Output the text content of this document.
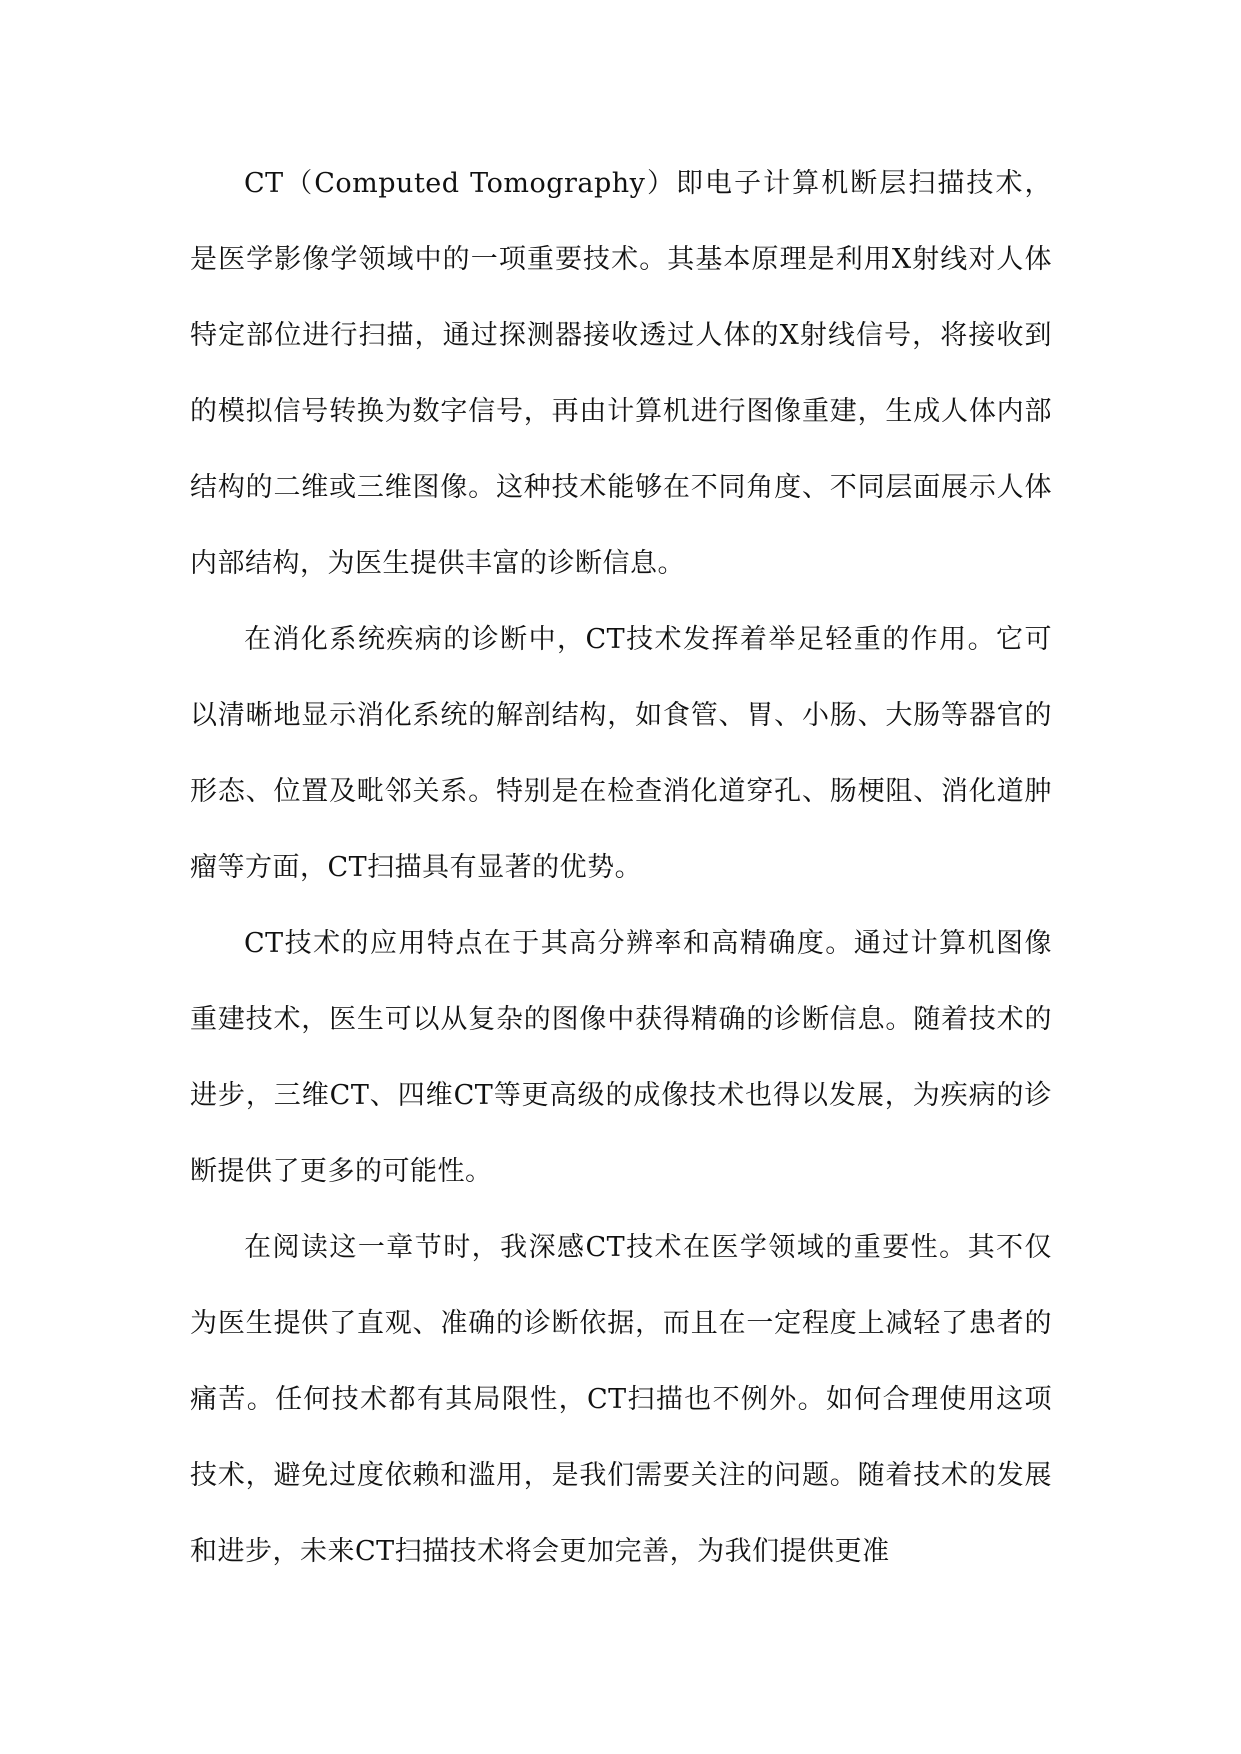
CT（Computed Tomography）即电子计算机断层扫描技术，是医学影像学领域中的一项重要技术。其基本原理是利用X射线对人体特定部位进行扫描，通过探测器接收透过人体的X射线信号，将接收到的模拟信号转换为数字信号，再由计算机进行图像重建，生成人体内部结构的二维或三维图像。这种技术能够在不同角度、不同层面展示人体内部结构，为医生提供丰富的诊断信息。

在消化系统疾病的诊断中，CT技术发挥着举足轻重的作用。它可以清晰地显示消化系统的解剖结构，如食管、胃、小肠、大肠等器官的形态、位置及毗邻关系。特别是在检查消化道穿孔、肠梗阻、消化道肿瘤等方面，CT扫描具有显著的优势。

CT技术的应用特点在于其高分辨率和高精确度。通过计算机图像重建技术，医生可以从复杂的图像中获得精确的诊断信息。随着技术的进步，三维CT、四维CT等更高级的成像技术也得以发展，为疾病的诊断提供了更多的可能性。

在阅读这一章节时，我深感CT技术在医学领域的重要性。其不仅为医生提供了直观、准确的诊断依据，而且在一定程度上减轻了患者的痛苦。任何技术都有其局限性，CT扫描也不例外。如何合理使用这项技术，避免过度依赖和滥用，是我们需要关注的问题。随着技术的发展和进步，未来CT扫描技术将会更加完善，为我们提供更准
